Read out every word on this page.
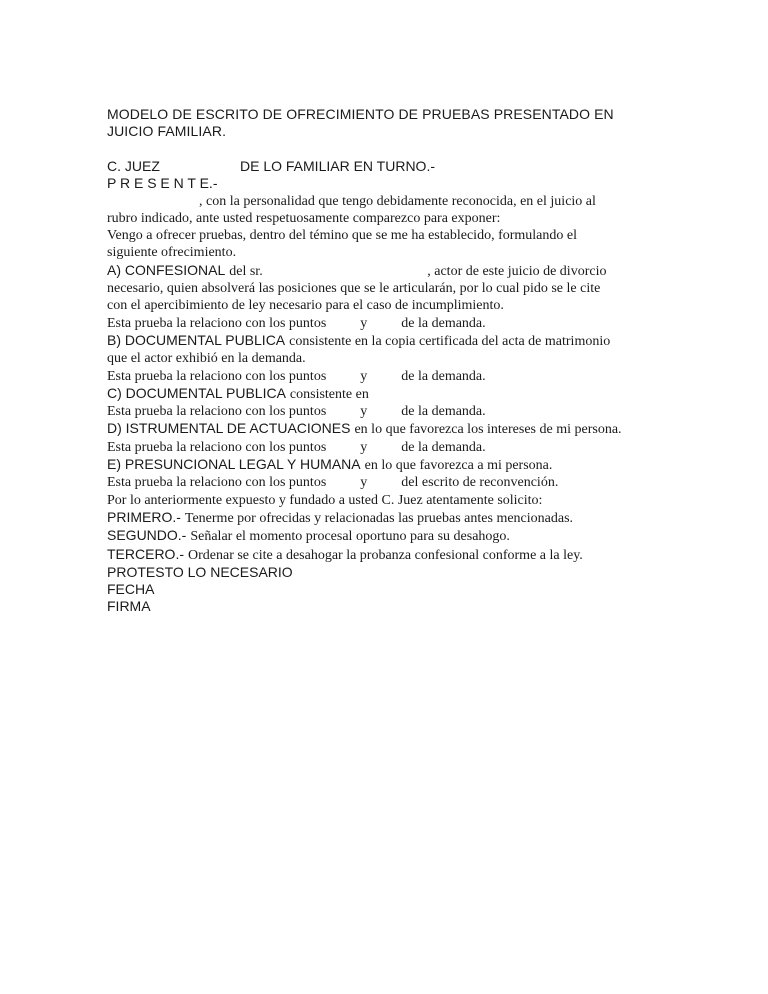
MODELO DE ESCRITO DE OFRECIMIENTO DE PRUEBAS PRESENTADO EN
JUICIO FAMILIAR.
C. JUEZ	DE LO FAMILIAR EN TURNO.-
P R E S E N T E.-
, con la personalidad que tengo debidamente reconocida, en el juicio al
rubro indicado, ante usted respetuosamente comparezco para exponer:
Vengo a ofrecer pruebas, dentro del témino que se me ha establecido, formulando el
siguiente ofrecimiento.
A) CONFESIONAL del sr.	, actor de este juicio de divorcio
necesario, quien absolverá las posiciones que se le articularán, por lo cual pido se le cite
con el apercibimiento de ley necesario para el caso de incumplimiento.
Esta prueba la relaciono con los puntos y de la demanda.
B) DOCUMENTAL PUBLICA consistente en la copia certificada del acta de matrimonio
que el actor exhibió en la demanda.
Esta prueba la relaciono con los puntos y de la demanda.
C) DOCUMENTAL PUBLICA consistente en
Esta prueba la relaciono con los puntos y de la demanda.
D) ISTRUMENTAL DE ACTUACIONES en lo que favorezca los intereses de mi persona.
Esta prueba la relaciono con los puntos y de la demanda.
E) PRESUNCIONAL LEGAL Y HUMANA en lo que favorezca a mi persona.
Esta prueba la relaciono con los puntos y del escrito de reconvención.
Por lo anteriormente expuesto y fundado a usted C. Juez atentamente solicito:
PRIMERO.- Tenerme por ofrecidas y relacionadas las pruebas antes mencionadas.
SEGUNDO.- Señalar el momento procesal oportuno para su desahogo.
TERCERO.- Ordenar se cite a desahogar la probanza confesional conforme a la ley.
PROTESTO LO NECESARIO
FECHA
FIRMA
